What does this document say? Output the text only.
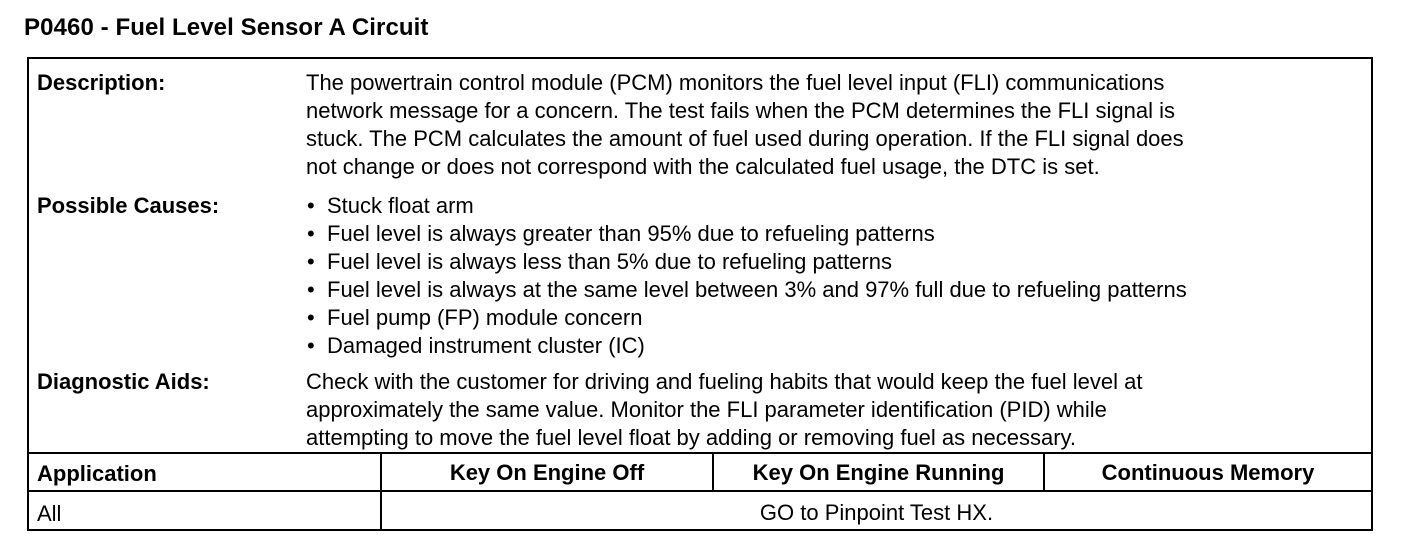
P0460 - Fuel Level Sensor A Circuit
Description:	The powertrain control module (PCM) monitors the fuel level input (FLI) communications
network message for a concern. The test fails when the PCM determines the FLI signal is
stuck. The PCM calculates the amount of fuel used during operation. If the FLI signal does
not change or does not correspond with the calculated fuel usage, the DTC is set.
Possible Causes:
•	Stuck float arm
• Fuel level is always greater than 95% due to refueling patterns
• Fuel level is always less than 5% due to refueling patterns
• Fuel level is always at the same level between 3% and 97% full due to refueling patterns
• Fuel pump (FP) module concern
• Damaged instrument cluster (IC)
Diagnostic Aids:	Check with the customer for driving and fueling habits that would keep the fuel level at
approximately the same value. Monitor the FLI parameter identification (PID) while
attempting to move the fuel level float by adding or removing fuel as necessary.
Application	Key On Engine Off	Key On Engine Running	Continuous Memory
All	GO to Pinpoint Test HX.
